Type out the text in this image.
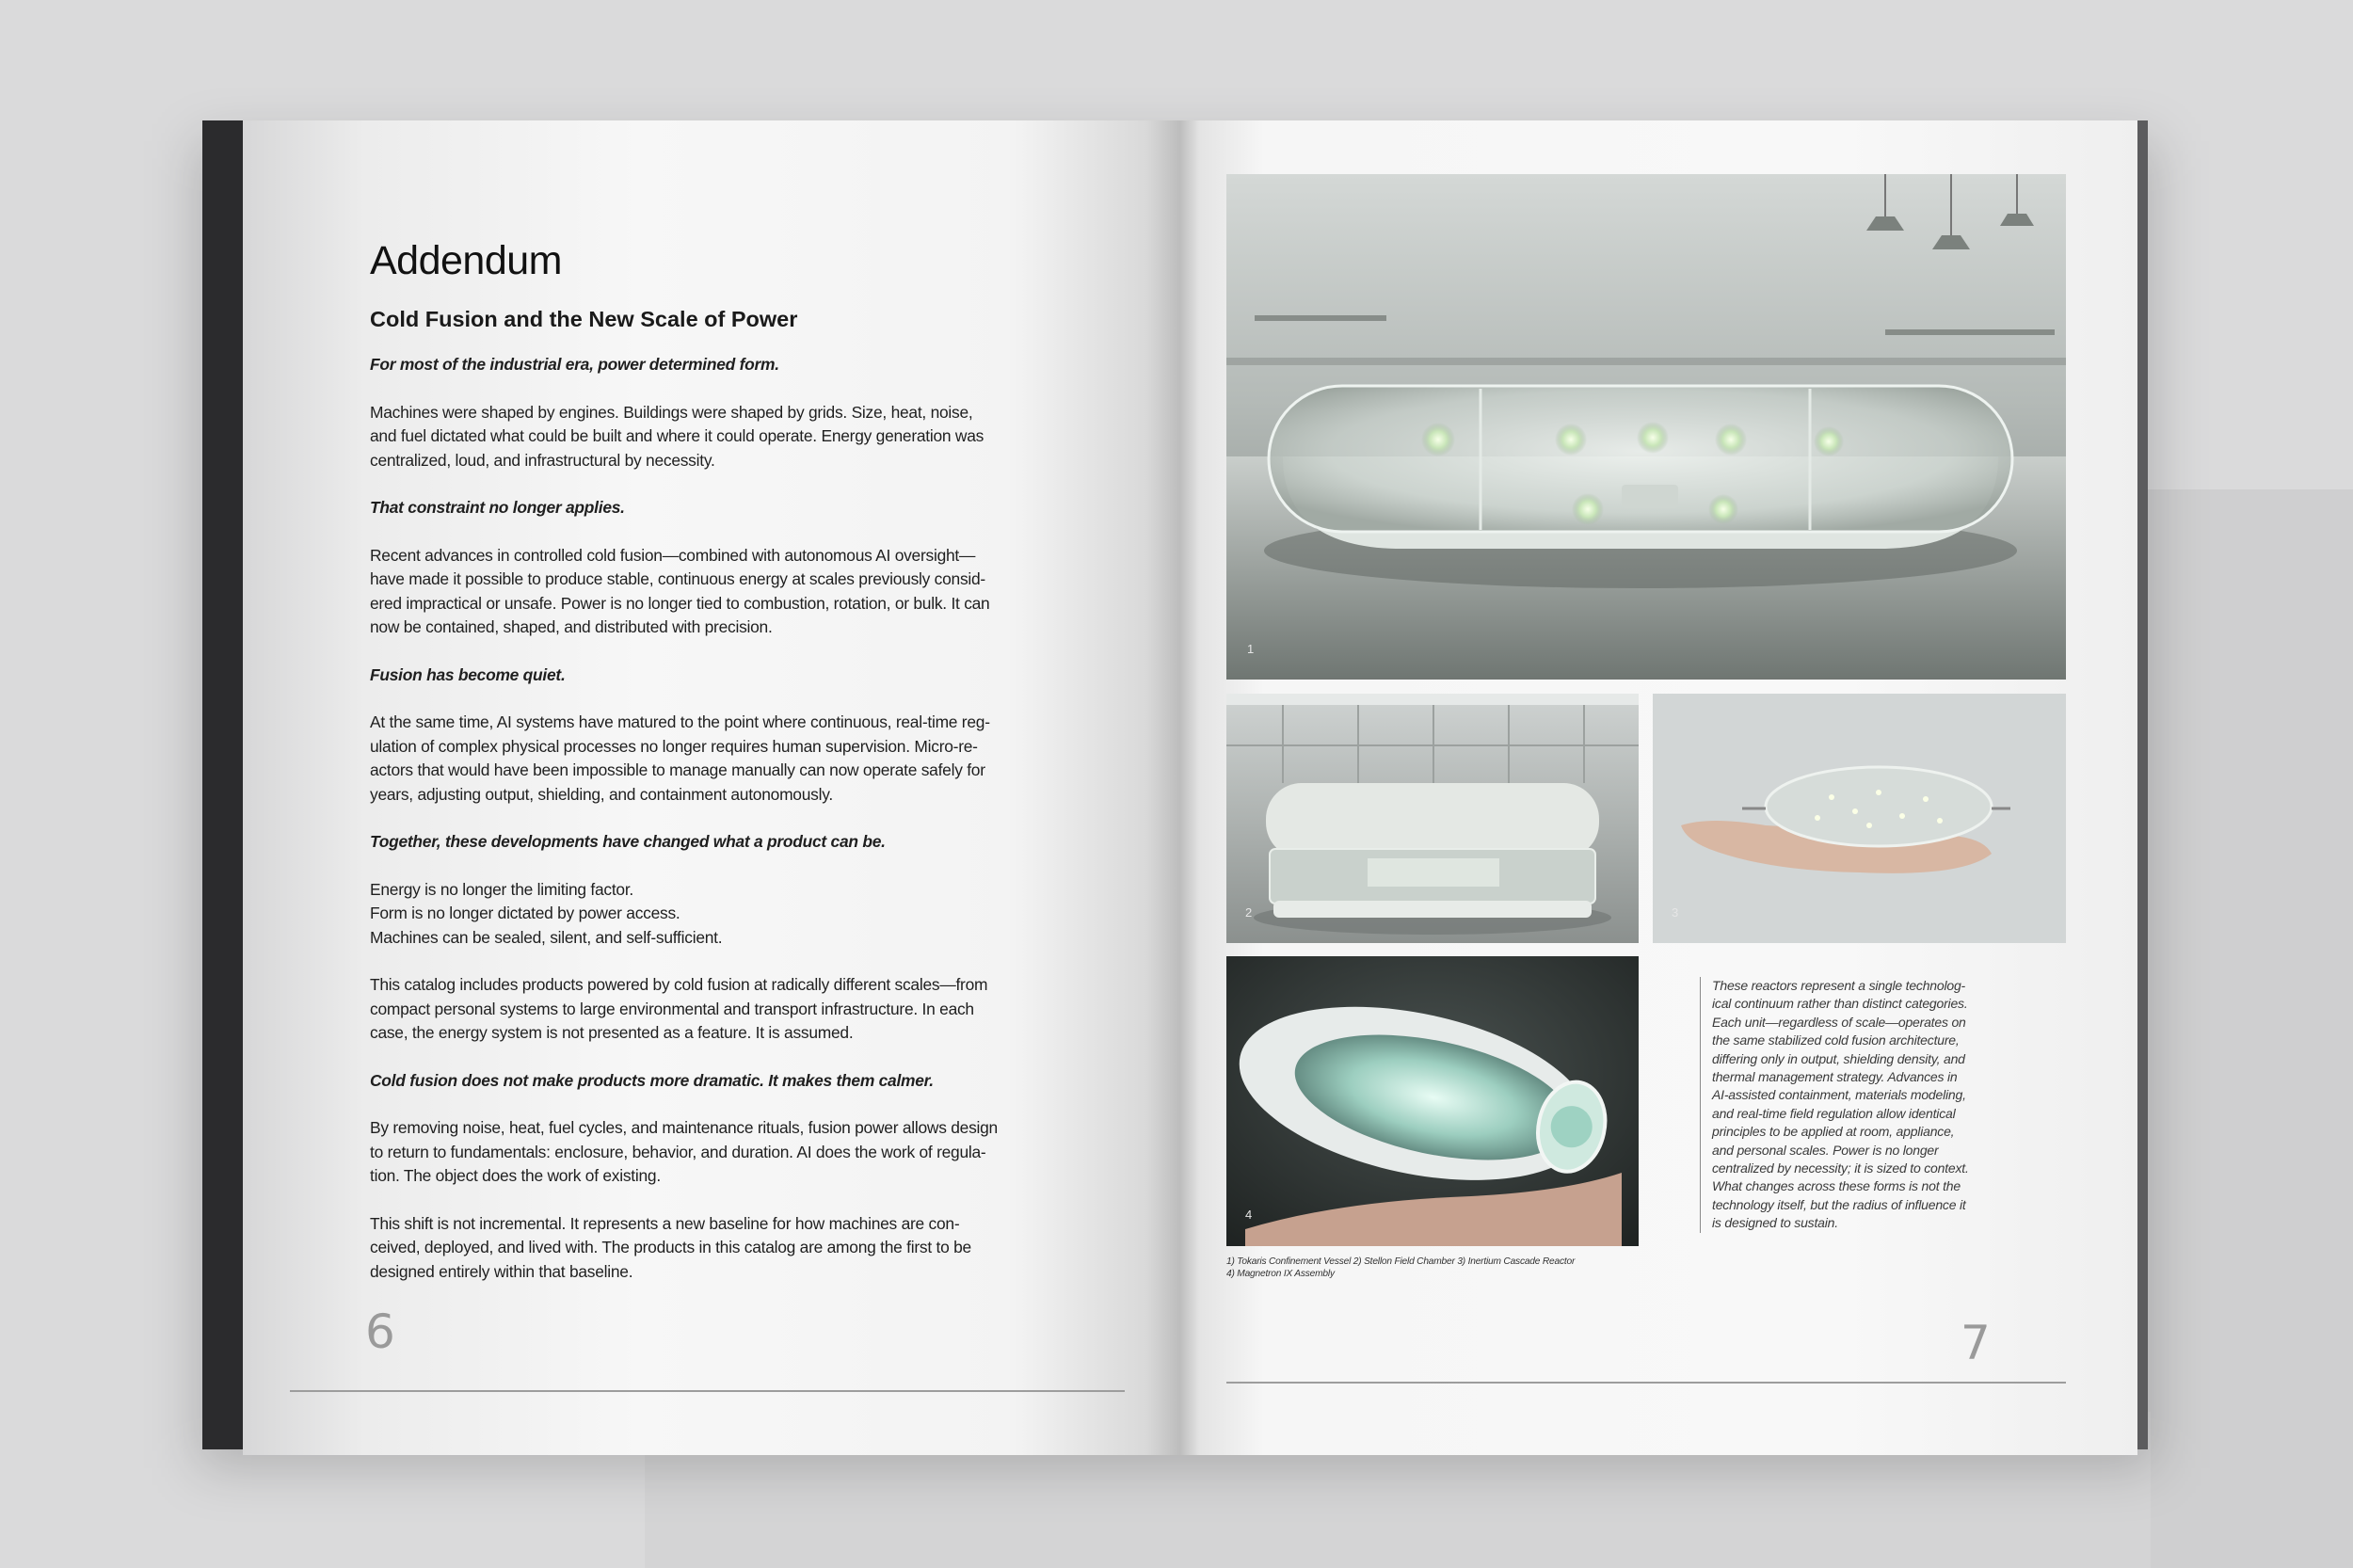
Addendum
Cold Fusion and the New Scale of Power

For most of the industrial era, power determined form.

Machines were shaped by engines. Buildings were shaped by grids. Size, heat, noise,
and fuel dictated what could be built and where it could operate. Energy generation was
centralized, loud, and infrastructural by necessity.

That constraint no longer applies.

Recent advances in controlled cold fusion—combined with autonomous AI oversight—
have made it possible to produce stable, continuous energy at scales previously consid-
ered impractical or unsafe. Power is no longer tied to combustion, rotation, or bulk. It can
now be contained, shaped, and distributed with precision.

Fusion has become quiet.

At the same time, AI systems have matured to the point where continuous, real-time reg-
ulation of complex physical processes no longer requires human supervision. Micro-re-
actors that would have been impossible to manage manually can now operate safely for
years, adjusting output, shielding, and containment autonomously.

Together, these developments have changed what a product can be.

Energy is no longer the limiting factor.
Form is no longer dictated by power access.
Machines can be sealed, silent, and self-sufficient.

This catalog includes products powered by cold fusion at radically different scales—from
compact personal systems to large environmental and transport infrastructure. In each
case, the energy system is not presented as a feature. It is assumed.

Cold fusion does not make products more dramatic. It makes them calmer.

By removing noise, heat, fuel cycles, and maintenance rituals, fusion power allows design
to return to fundamentals: enclosure, behavior, and duration. AI does the work of regula-
tion. The object does the work of existing.

This shift is not incremental. It represents a new baseline for how machines are con-
ceived, deployed, and lived with. The products in this catalog are among the first to be
designed entirely within that baseline.

6
1
2	3
4
These reactors represent a single technolog-
ical continuum rather than distinct categories.
Each unit—regardless of scale—operates on
the same stabilized cold fusion architecture,
differing only in output, shielding density, and
thermal management strategy. Advances in
AI-assisted containment, materials modeling,
and real-time field regulation allow identical
principles to be applied at room, appliance,
and personal scales. Power is no longer
centralized by necessity; it is sized to context.
What changes across these forms is not the
technology itself, but the radius of influence it
is designed to sustain.
1) Tokaris Confinement Vessel 2) Stellon Field Chamber 3) Inertium Cascade Reactor
4) Magnetron IX Assembly
7
